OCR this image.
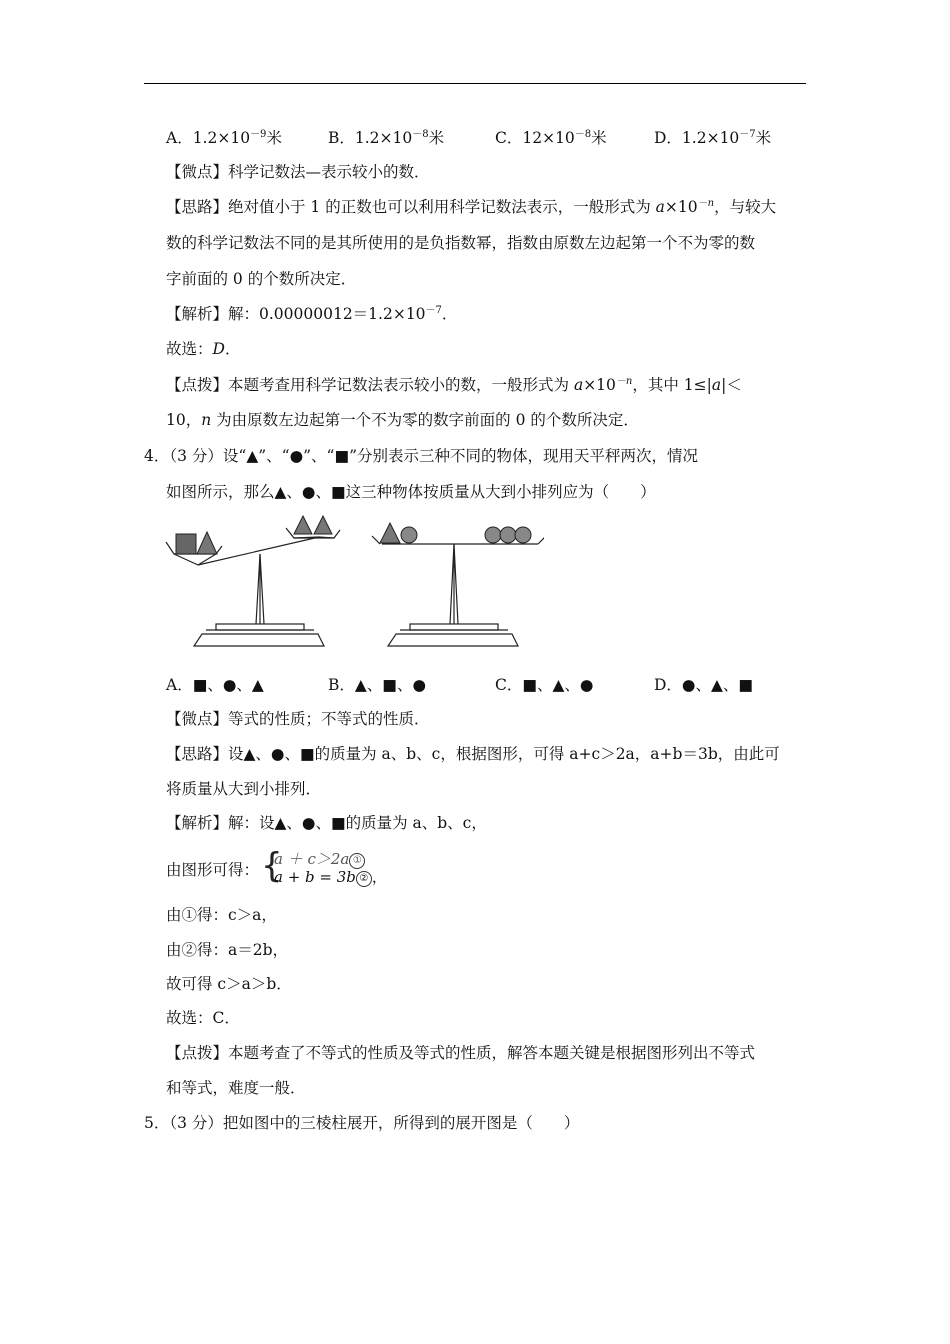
A．$1.2\times 10^{-9}$米	B．$1.2\times 10^{-8}$米	C．$12\times 10^{-8}$米	D．$1.2\times 10^{-7}$米
【微点】科学记数法—表示较小的数．
【思路】绝对值小于 1 的正数也可以利用科学记数法表示，一般形式为 $a\times 10^{-n}$，与较大
数的科学记数法不同的是其所使用的是负指数幂，指数由原数左边起第一个不为零的数
字前面的 0 的个数所决定．
【解析】解：$0.00000012=1.2\times 10^{-7}$．
故选：D．
【点拨】本题考查用科学记数法表示较小的数，一般形式为 $a\times 10^{-n}$，其中 1≤|a|＜
10，n 为由原数左边起第一个不为零的数字前面的 0 的个数所决定．
4．（3 分）设“▲”、“●”、“■”分别表示三种不同的物体，现用天平秤两次，情况
如图所示，那么▲、●、■这三种物体按质量从大到小排列应为（　　）
A．■、●、▲	B．▲、■、●	C．■、▲、●	D．●、▲、■
【微点】等式的性质；不等式的性质．
【思路】设▲、●、■的质量为 a、b、c，根据图形，可得 a+c＞2a，a+b＝3b，由此可
将质量从大到小排列．
【解析】解：设▲、●、■的质量为 a、b、c，
由图形可得： {
a ＋ c＞2a ①
a + b = 3b ② ，
由①得：c＞a，
由②得：a＝2b，
故可得 c＞a＞b．
故选：C．
【点拨】本题考查了不等式的性质及等式的性质，解答本题关键是根据图形列出不等式
和等式，难度一般．
5．（3 分）把如图中的三棱柱展开，所得到的展开图是（　　）
